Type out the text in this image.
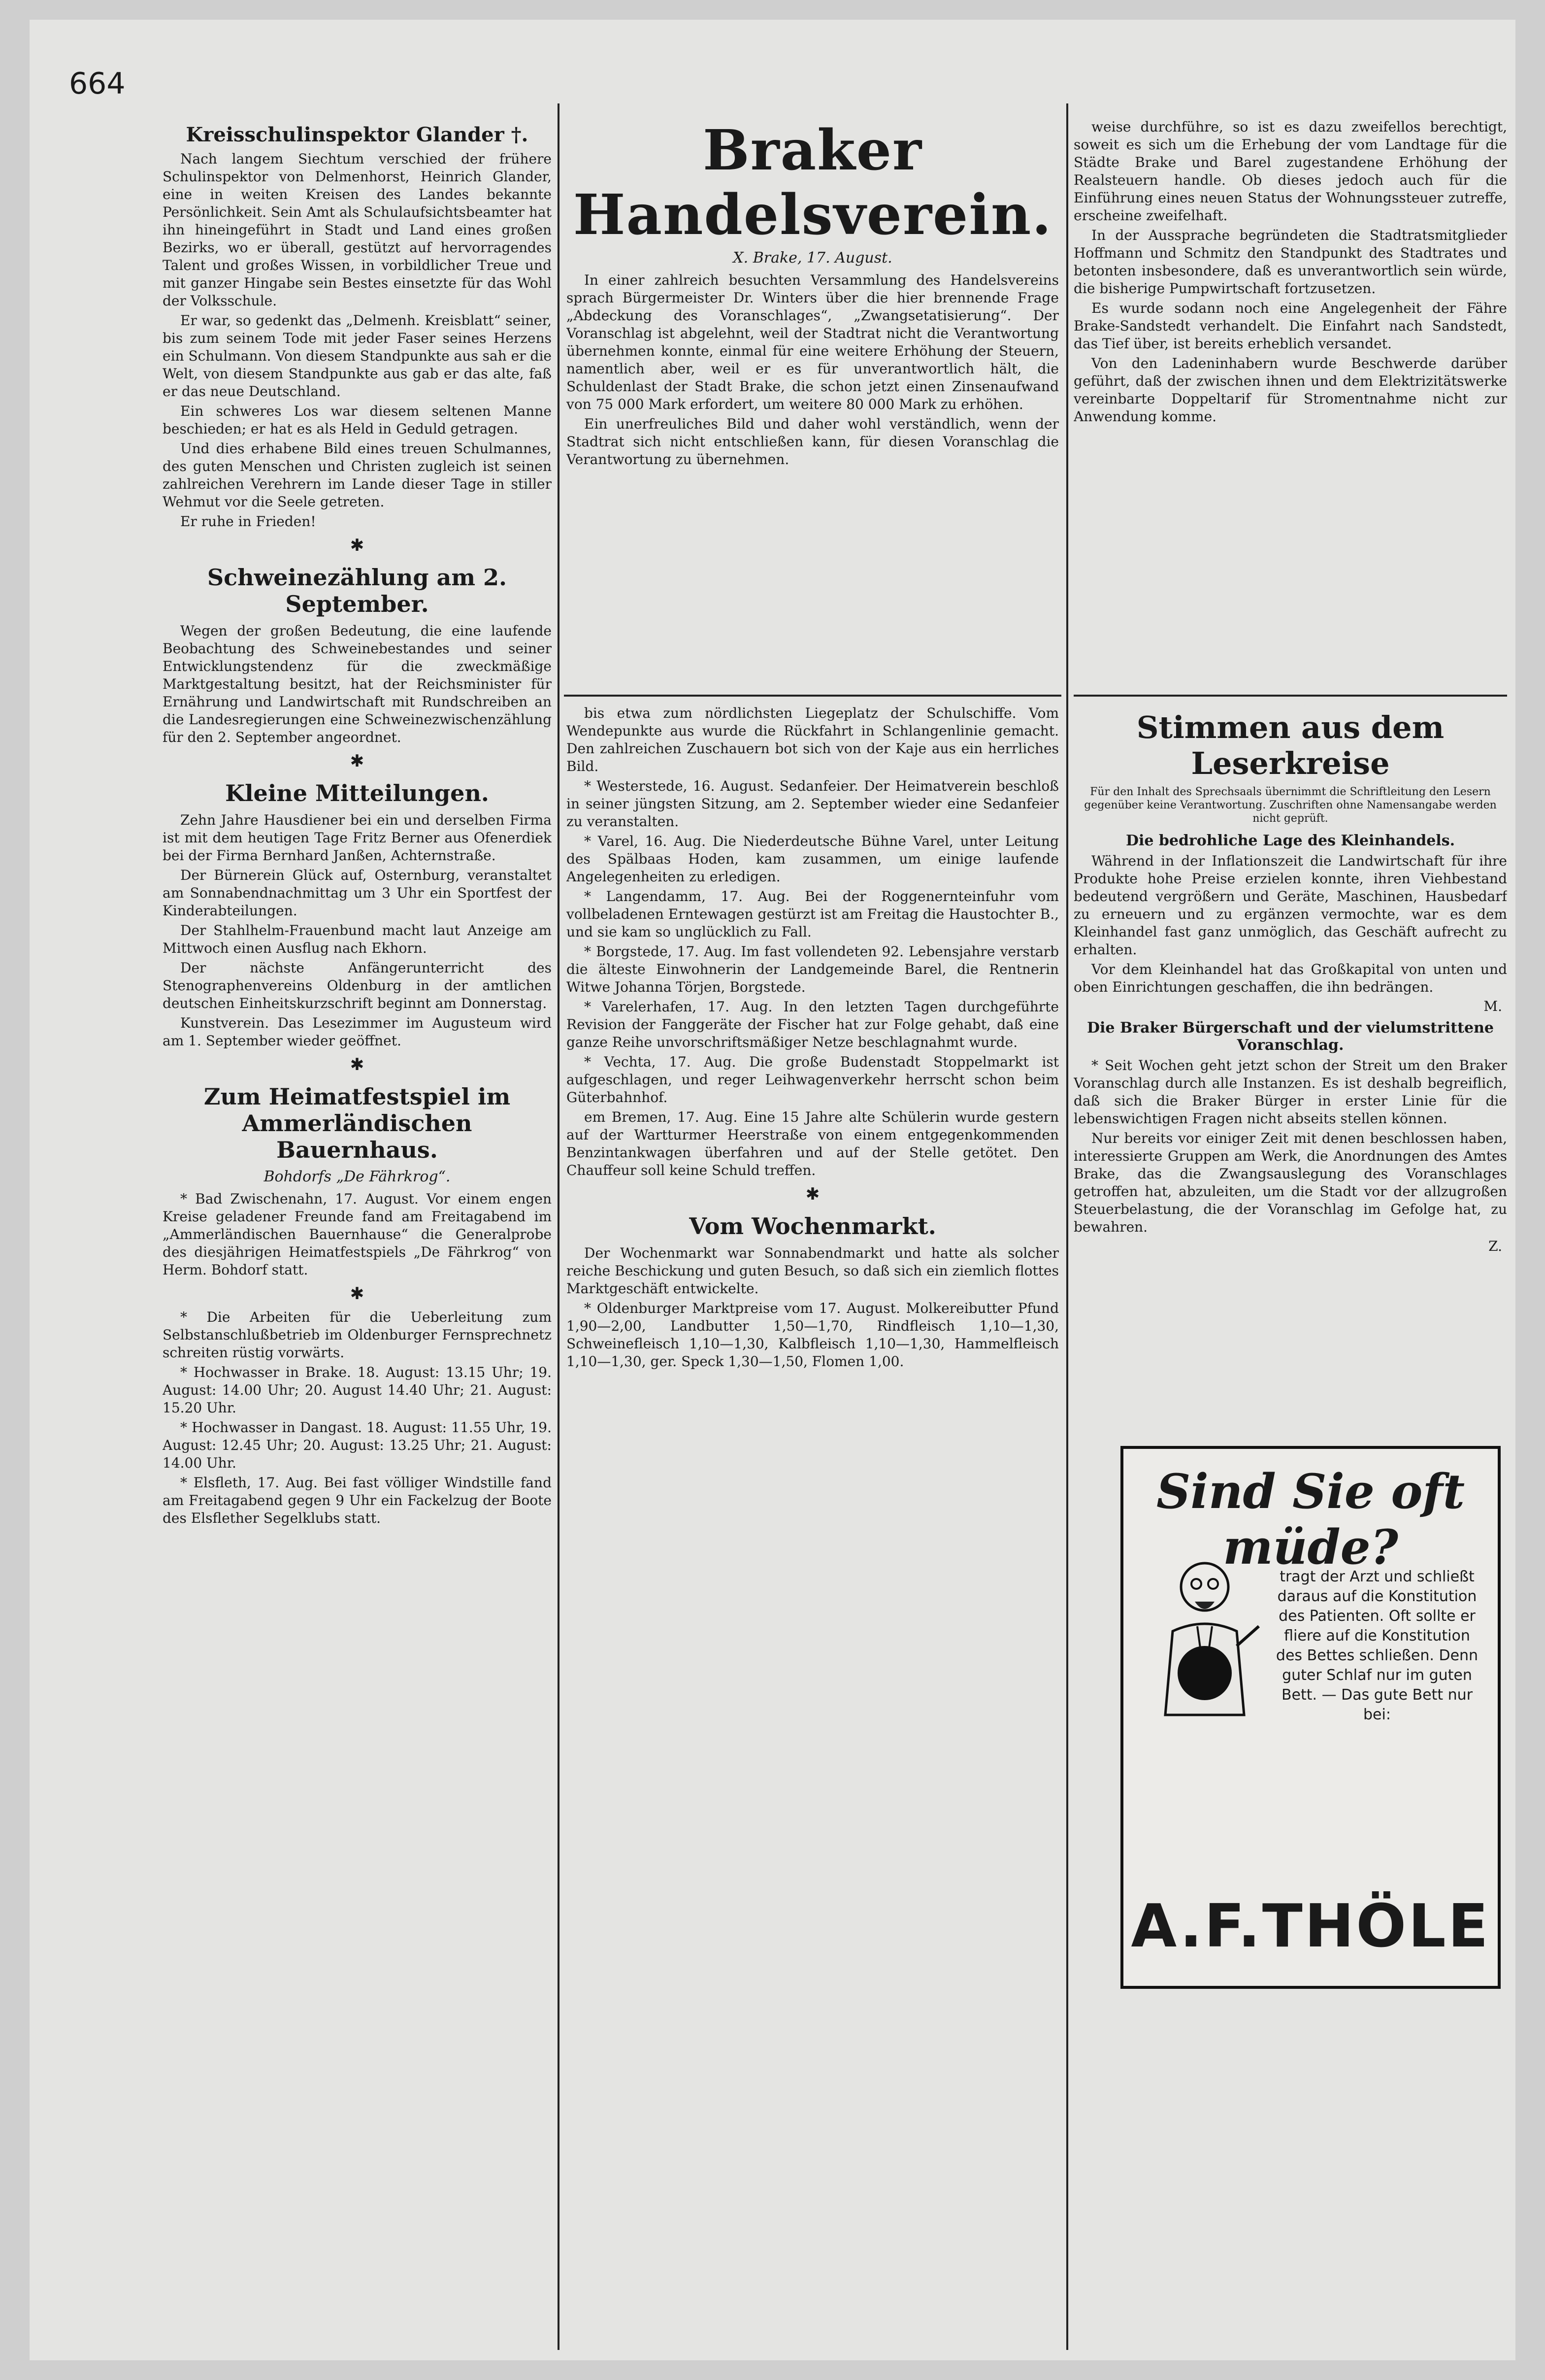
664
Kreisschulinspektor Glander †.

Nach langem Siechtum verschied der frühere Schulinspektor von Delmenhorst, Heinrich Glander, eine in weiten Kreisen des Landes bekannte Persönlichkeit. Sein Amt als Schulaufsichtsbeamter hat ihn hineingeführt in Stadt und Land eines großen Bezirks, wo er überall, gestützt auf hervorragendes Talent und großes Wissen, in vorbildlicher Treue und mit ganzer Hingabe sein Bestes einsetzte für das Wohl der Volksschule.

Er war, so gedenkt das „Delmenh. Kreisblatt“ seiner, bis zum seinem Tode mit jeder Faser seines Herzens ein Schulmann. Von diesem Standpunkte aus sah er die Welt, von diesem Standpunkte aus gab er das alte, faß er das neue Deutschland.

Ein schweres Los war diesem seltenen Manne beschieden; er hat es als Held in Geduld getragen.

Und dies erhabene Bild eines treuen Schulmannes, des guten Menschen und Christen zugleich ist seinen zahlreichen Verehrern im Lande dieser Tage in stiller Wehmut vor die Seele getreten.

Er ruhe in Frieden!

✱
Schweinezählung am 2. September.

Wegen der großen Bedeutung, die eine laufende Beobachtung des Schweinebestandes und seiner Entwicklungstendenz für die zweckmäßige Marktgestaltung besitzt, hat der Reichsminister für Ernährung und Landwirtschaft mit Rundschreiben an die Landesregierungen eine Schweinezwischenzählung für den 2. September angeordnet.

✱
Kleine Mitteilungen.

Zehn Jahre Hausdiener bei ein und derselben Firma ist mit dem heutigen Tage Fritz Berner aus Ofenerdiek bei der Firma Bernhard Janßen, Achternstraße.

Der Bürnerein Glück auf, Osternburg, veranstaltet am Sonnabendnachmittag um 3 Uhr ein Sportfest der Kinderabteilungen.

Der Stahlhelm-Frauenbund macht laut Anzeige am Mittwoch einen Ausflug nach Ekhorn.

Der nächste Anfängerunterricht des Stenographenvereins Oldenburg in der amtlichen deutschen Einheitskurzschrift beginnt am Donnerstag.

Kunstverein. Das Lesezimmer im Augusteum wird am 1. September wieder geöffnet.

✱
Zum Heimatfestspiel im Ammerländischen Bauernhaus.
Bohdorfs „De Fährkrog“.

* Bad Zwischenahn, 17. August. Vor einem engen Kreise geladener Freunde fand am Freitagabend im „Ammerländischen Bauernhause“ die Generalprobe des diesjährigen Heimatfestspiels „De Fährkrog“ von Herm. Bohdorf statt.

✱

* Die Arbeiten für die Ueberleitung zum Selbstanschlußbetrieb im Oldenburger Fernsprechnetz schreiten rüstig vorwärts.

* Hochwasser in Brake. 18. August: 13.15 Uhr; 19. August: 14.00 Uhr; 20. August 14.40 Uhr; 21. August: 15.20 Uhr.

* Hochwasser in Dangast. 18. August: 11.55 Uhr, 19. August: 12.45 Uhr; 20. August: 13.25 Uhr; 21. August: 14.00 Uhr.

* Elsfleth, 17. Aug. Bei fast völliger Windstille fand am Freitagabend gegen 9 Uhr ein Fackelzug der Boote des Elsflether Segelklubs statt.

Braker Handelsverein.
X. Brake, 17. August.

In einer zahlreich besuchten Versammlung des Handelsvereins sprach Bürgermeister Dr. Winters über die hier brennende Frage „Abdeckung des Voranschlages“, „Zwangsetatisierung“. Der Voranschlag ist abgelehnt, weil der Stadtrat nicht die Verantwortung übernehmen konnte, einmal für eine weitere Erhöhung der Steuern, namentlich aber, weil er es für unverantwortlich hält, die Schuldenlast der Stadt Brake, die schon jetzt einen Zinsenaufwand von 75 000 Mark erfordert, um weitere 80 000 Mark zu erhöhen.

Ein unerfreuliches Bild und daher wohl verständlich, wenn der Stadtrat sich nicht entschließen kann, für diesen Voranschlag die Verantwortung zu übernehmen.

bis etwa zum nördlichsten Liegeplatz der Schulschiffe. Vom Wendepunkte aus wurde die Rückfahrt in Schlangenlinie gemacht. Den zahlreichen Zuschauern bot sich von der Kaje aus ein herrliches Bild.

* Westerstede, 16. August. Sedanfeier. Der Heimatverein beschloß in seiner jüngsten Sitzung, am 2. September wieder eine Sedanfeier zu veranstalten.

* Varel, 16. Aug. Die Niederdeutsche Bühne Varel, unter Leitung des Spälbaas Hoden, kam zusammen, um einige laufende Angelegenheiten zu erledigen.

* Langendamm, 17. Aug. Bei der Roggenernteinfuhr vom vollbeladenen Erntewagen gestürzt ist am Freitag die Haustochter B., und sie kam so unglücklich zu Fall.

* Borgstede, 17. Aug. Im fast vollendeten 92. Lebensjahre verstarb die älteste Einwohnerin der Landgemeinde Barel, die Rentnerin Witwe Johanna Törjen, Borgstede.

* Varelerhafen, 17. Aug. In den letzten Tagen durchgeführte Revision der Fanggeräte der Fischer hat zur Folge gehabt, daß eine ganze Reihe unvorschriftsmäßiger Netze beschlagnahmt wurde.

* Vechta, 17. Aug. Die große Budenstadt Stoppelmarkt ist aufgeschlagen, und reger Leihwagenverkehr herrscht schon beim Güterbahnhof.

em Bremen, 17. Aug. Eine 15 Jahre alte Schülerin wurde gestern auf der Wartturmer Heerstraße von einem entgegenkommenden Benzintankwagen überfahren und auf der Stelle getötet. Den Chauffeur soll keine Schuld treffen.

✱
Vom Wochenmarkt.

Der Wochenmarkt war Sonnabendmarkt und hatte als solcher reiche Beschickung und guten Besuch, so daß sich ein ziemlich flottes Marktgeschäft entwickelte.

* Oldenburger Marktpreise vom 17. August. Molkereibutter Pfund 1,90—2,00, Landbutter 1,50—1,70, Rindfleisch 1,10—1,30, Schweinefleisch 1,10—1,30, Kalbfleisch 1,10—1,30, Hammelfleisch 1,10—1,30, ger. Speck 1,30—1,50, Flomen 1,00.

weise durchführe, so ist es dazu zweifellos berechtigt, soweit es sich um die Erhebung der vom Landtage für die Städte Brake und Barel zugestandene Erhöhung der Realsteuern handle. Ob dieses jedoch auch für die Einführung eines neuen Status der Wohnungssteuer zutreffe, erscheine zweifelhaft.

In der Aussprache begründeten die Stadtratsmitglieder Hoffmann und Schmitz den Standpunkt des Stadtrates und betonten insbesondere, daß es unverantwortlich sein würde, die bisherige Pumpwirtschaft fortzusetzen.

Es wurde sodann noch eine Angelegenheit der Fähre Brake-Sandstedt verhandelt. Die Einfahrt nach Sandstedt, das Tief über, ist bereits erheblich versandet.

Von den Ladeninhabern wurde Beschwerde darüber geführt, daß der zwischen ihnen und dem Elektrizitätswerke vereinbarte Doppeltarif für Stromentnahme nicht zur Anwendung komme.

Stimmen aus dem Leserkreise
Für den Inhalt des Sprechsaals übernimmt die Schriftleitung den Lesern gegenüber keine Verantwortung. Zuschriften ohne Namensangabe werden nicht geprüft.
Die bedrohliche Lage des Kleinhandels.

Während in der Inflationszeit die Landwirtschaft für ihre Produkte hohe Preise erzielen konnte, ihren Viehbestand bedeutend vergrößern und Geräte, Maschinen, Hausbedarf zu erneuern und zu ergänzen vermochte, war es dem Kleinhandel fast ganz unmöglich, das Geschäft aufrecht zu erhalten.

Vor dem Kleinhandel hat das Großkapital von unten und oben Einrichtungen geschaffen, die ihn bedrängen.

M.
Die Braker Bürgerschaft und der vielumstrittene Voranschlag.

* Seit Wochen geht jetzt schon der Streit um den Braker Voranschlag durch alle Instanzen. Es ist deshalb begreiflich, daß sich die Braker Bürger in erster Linie für die lebenswichtigen Fragen nicht abseits stellen können.

Nur bereits vor einiger Zeit mit denen beschlossen haben, interessierte Gruppen am Werk, die Anordnungen des Amtes Brake, das die Zwangsauslegung des Voranschlages getroffen hat, abzuleiten, um die Stadt vor der allzugroßen Steuerbelastung, die der Voranschlag im Gefolge hat, zu bewahren.

Z.
Sind Sie oft müde?
tragt der Arzt und schließt daraus auf die Konstitution des Patienten. Oft sollte er fliere auf die Konstitution des Bettes schließen. Denn guter Schlaf nur im guten Bett. — Das gute Bett nur bei:
A.F.THÖLE
